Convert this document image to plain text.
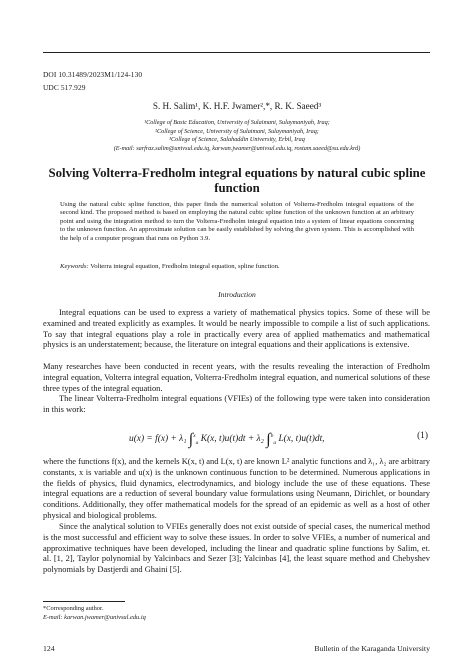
DOI 10.31489/2023M1/124-130
UDC 517.929
S. H. Salim¹, K. H.F. Jwamer²,*, R. K. Saeed³
¹College of Basic Education, University of Sulaimani, Sulaymaniyah, Iraq;
²College of Science, University of Sulaimani, Sulaymaniyah, Iraq;
³College of Science, Salahaddin University, Erbil, Iraq
(E-mail: sarfraz.salim@univsul.edu.iq, karwan.jwamer@univsul.edu.iq, rostam.saeed@su.edu.krd)
Solving Volterra-Fredholm integral equations by natural cubic spline function

Using the natural cubic spline function, this paper finds the numerical solution of Volterra-Fredholm integral equations of the second kind. The proposed method is based on employing the natural cubic spline function of the unknown function at an arbitrary point and using the integration method to turn the Volterra-Fredholm integral equation into a system of linear equations concerning to the unknown function. An approximate solution can be easily established by solving the given system. This is accomplished with the help of a computer program that runs on Python 3.9.

Keywords: Volterra integral equation, Fredholm integral equation, spline function.

Introduction

Integral equations can be used to express a variety of mathematical physics topics. Some of these will be examined and treated explicitly as examples. It would be nearly impossible to compile a list of such applications. To say that integral equations play a role in practically every area of applied mathematics and mathematical physics is an understatement; because, the literature on integral equations and their applications is extensive.

Many researches have been conducted in recent years, with the results revealing the interaction of Fredholm integral equation, Volterra integral equation, Volterra-Fredholm integral equation, and numerical solutions of these three types of the integral equation.

The linear Volterra-Fredholm integral equations (VFIEs) of the following type were taken into consideration in this work:

u(x) = f(x) + λ₁ ∫$^x_a$ K(x, t)u(t)dt + λ₂ ∫$^b_a$ L(x, t)u(t)dt,	(1)

where the functions f(x), and the kernels K(x, t) and L(x, t) are known L² analytic functions and λ₁, λ₂ are arbitrary constants, x is variable and u(x) is the unknown continuous function to be determined. Numerous applications in the fields of physics, fluid dynamics, electrodynamics, and biology include the use of these equations. These integral equations are a reduction of several boundary value formulations using Neumann, Dirichlet, or boundary conditions. Additionally, they offer mathematical models for the spread of an epidemic as well as a host of other physical and biological problems.

Since the analytical solution to VFIEs generally does not exist outside of special cases, the numerical method is the most successful and efficient way to solve these issues. In order to solve VFIEs, a number of numerical and approximative techniques have been developed, including the linear and quadratic spline functions by Salim, et. al. [1, 2], Taylor polynomial by Yalcinbacs and Sezer [3]; Yalcinbas [4], the least square method and Chebyshev polynomials by Dastjerdi and Ghaini [5].

*Corresponding author.
E-mail: karwan.jwamer@univsul.edu.iq
124	Bulletin of the Karaganda University
